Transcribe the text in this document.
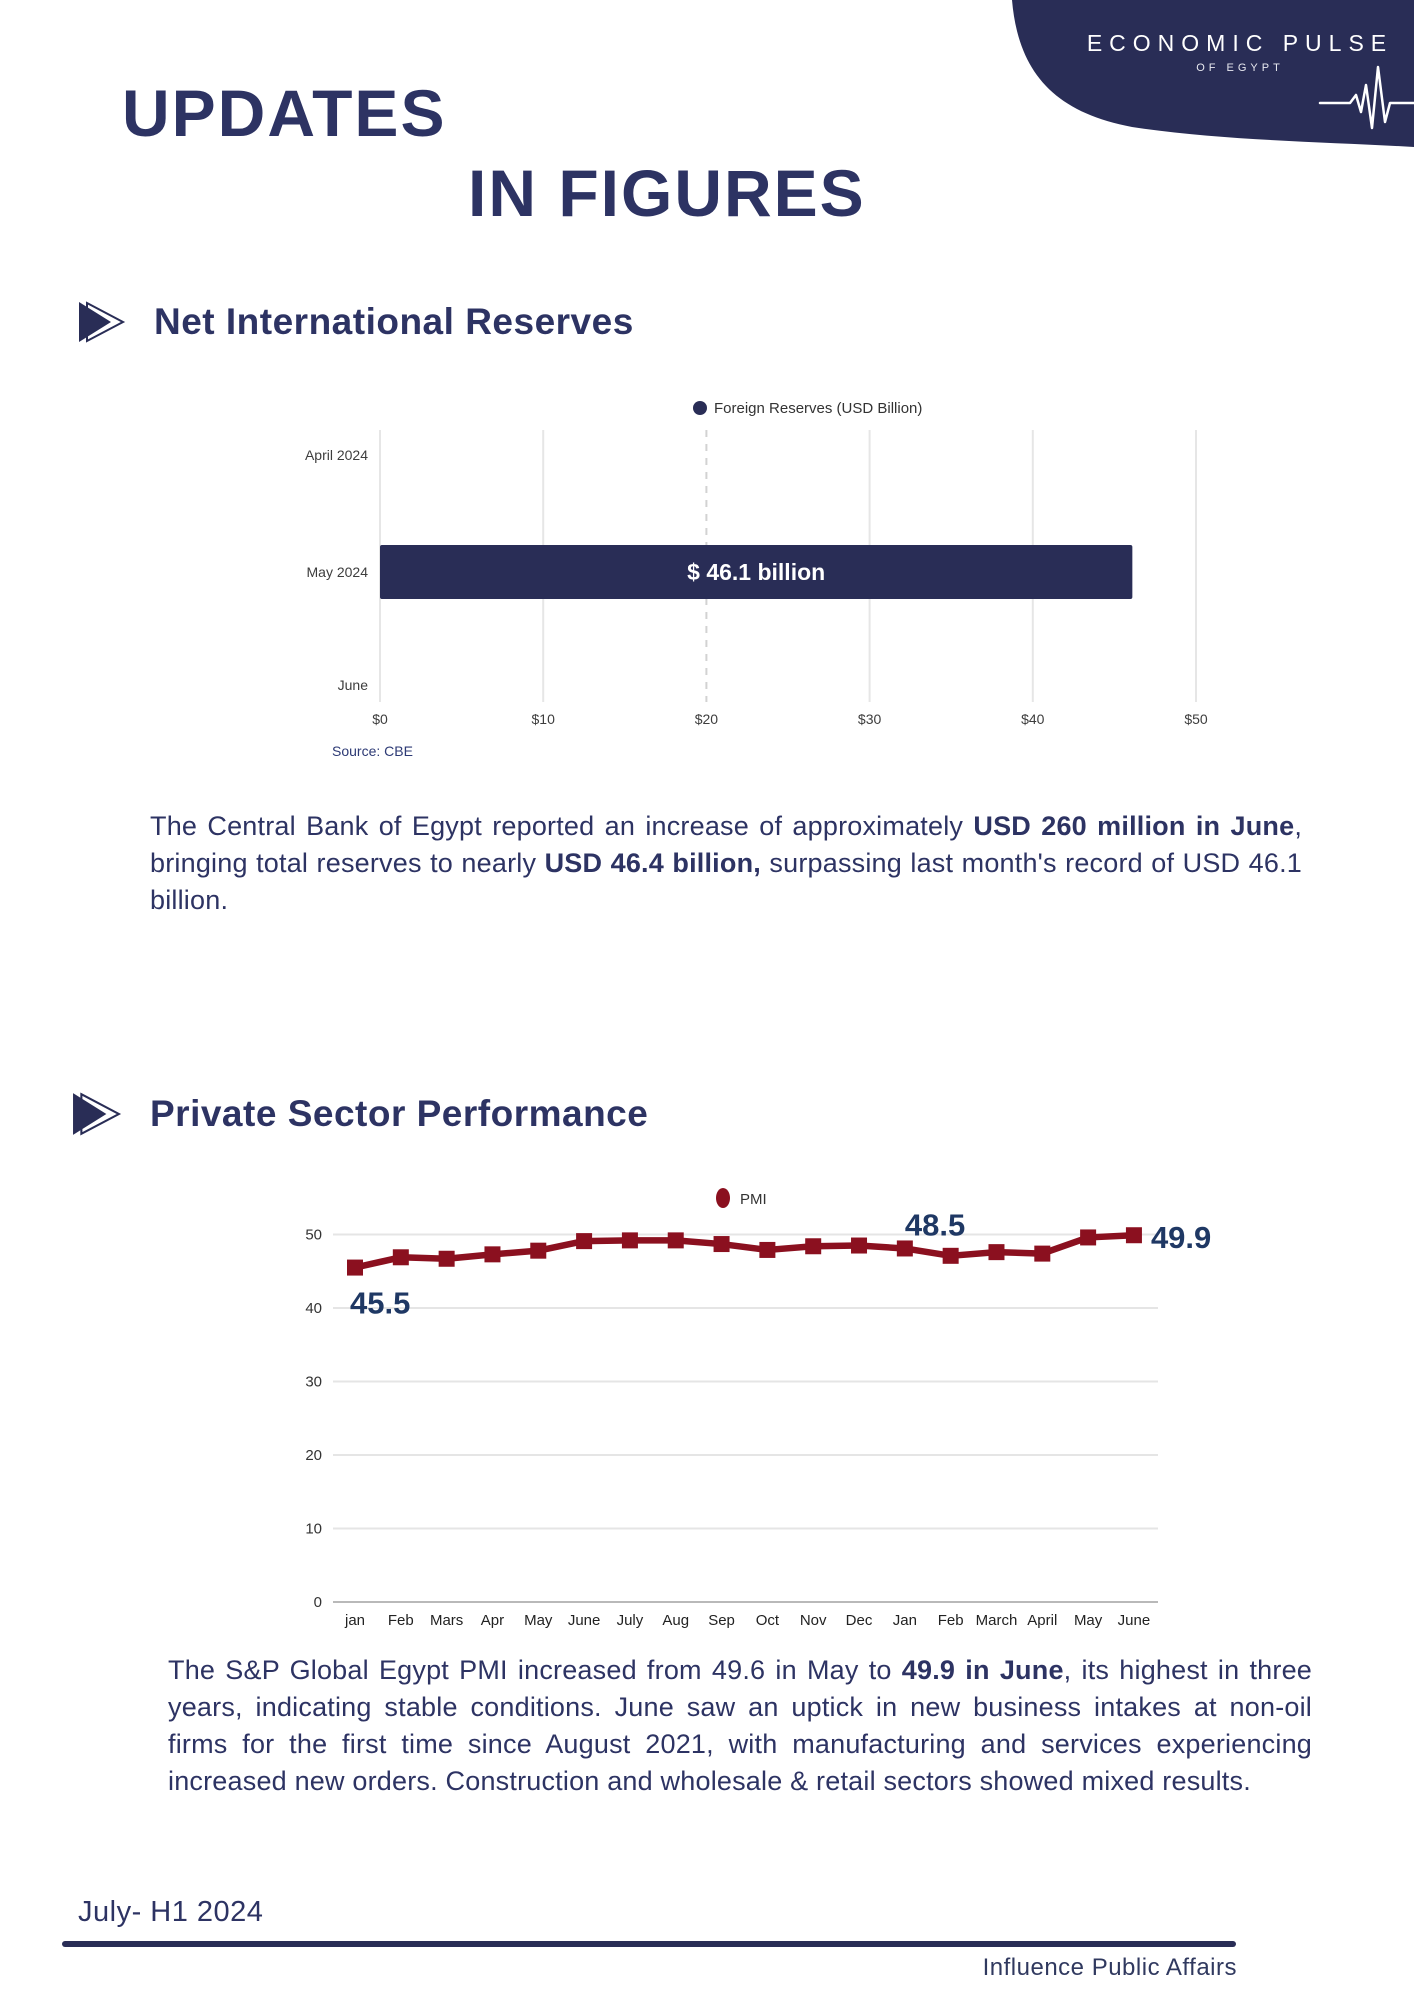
ECONOMIC PULSE
OF EGYPT
UPDATES
IN FIGURES
Net International Reserves
Foreign Reserves (USD Billion)
$0	$10	$20	$30	$40	$50
April 2024
May 2024
June
$ 46.1 billion
Source: CBE

The Central Bank of Egypt reported an increase of approximately USD 260 million in June, bringing total reserves to nearly USD 46.4 billion, surpassing last month's record of USD 46.1 billion.

Private Sector Performance
PMI
0
10
20
30
40
50
jan Feb Mars Apr May June July Aug Sep Oct Nov Dec Jan Feb March April May June
45.5
48.5	49.9

The S&P Global Egypt PMI increased from 49.6 in May to 49.9 in June, its highest in three years, indicating stable conditions. June saw an uptick in new business intakes at non-oil firms for the first time since August 2021, with manufacturing and services experiencing increased new orders. Construction and wholesale & retail sectors showed mixed results.

July- H1 2024
Influence Public Affairs
